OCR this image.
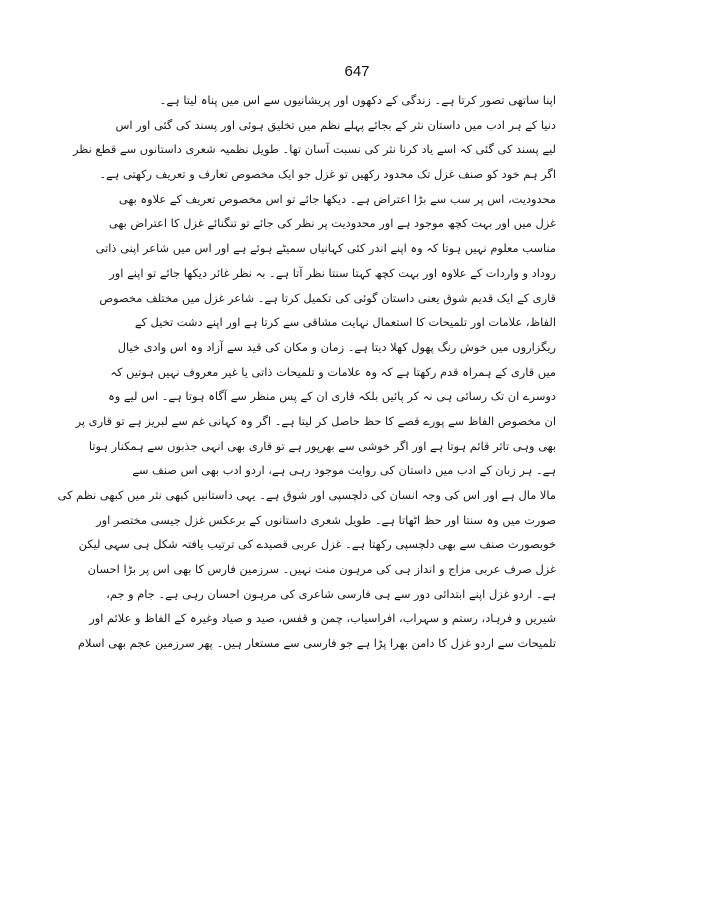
647
اپنا ساتھی تصور کرتا ہے۔ زندگی کے دکھوں اور پریشانیوں سے اس میں پناہ لیتا ہے۔
دنیا کے ہر ادب میں داستان نثر کے بجائے پہلے نظم میں تخلیق ہوئی اور پسند کی گئی اور اس
لیے پسند کی گئی کہ اسے یاد کرنا نثر کی نسبت آسان تھا۔ طویل نظمیہ شعری داستانوں سے قطع نظر
اگر ہم خود کو صنف غزل تک محدود رکھیں تو غزل جو ایک مخصوص تعارف و تعریف رکھتی ہے۔
محدودیت، اس پر سب سے بڑا اعتراض ہے۔ دیکھا جائے تو اس مخصوص تعریف کے علاوہ بھی
غزل میں اور بہت کچھ موجود ہے اور محدودیت پر نظر کی جائے تو تنگنائے غزل کا اعتراض بھی
مناسب معلوم نہیں ہوتا کہ وہ اپنے اندر کئی کہانیاں سمیٹے ہوئے ہے اور اس میں شاعر اپنی ذاتی
روداد و واردات کے علاوہ اور بہت کچھ کہتا سنتا نظر آتا ہے۔ بہ نظر غائر دیکھا جائے تو اپنے اور
قاری کے ایک قدیم شوق یعنی داستان گوئی کی تکمیل کرتا ہے۔ شاعر غزل میں مختلف مخصوص
الفاظ، علامات اور تلمیحات کا استعمال نہایت مشاقی سے کرتا ہے اور اپنے دشت تخیل کے
ریگزاروں میں خوش رنگ پھول کھلا دیتا ہے۔ زمان و مکان کی قید سے آزاد وہ اس وادی خیال
میں قاری کے ہمراہ قدم رکھتا ہے کہ وہ علامات و تلمیحات ذاتی یا غیر معروف نہیں ہوتیں کہ
دوسرے ان تک رسائی ہی نہ کر پائیں بلکہ قاری ان کے پس منظر سے آگاہ ہوتا ہے۔ اس لیے وہ
ان مخصوص الفاظ سے پورے قصے کا حظ حاصل کر لیتا ہے۔ اگر وہ کہانی غم سے لبریز ہے تو قاری پر
بھی وہی تاثر قائم ہوتا ہے اور اگر خوشی سے بھرپور ہے تو قاری بھی انہی جذبوں سے ہمکنار ہوتا
ہے۔ ہر زبان کے ادب میں داستان کی روایت موجود رہی ہے، اردو ادب بھی اس صنف سے
مالا مال ہے اور اس کی وجہ انسان کی دلچسپی اور شوق ہے۔ یہی داستانیں کبھی نثر میں کبھی نظم کی
صورت میں وہ سنتا اور حظ اٹھاتا ہے۔ طویل شعری داستانوں کے برعکس غزل جیسی مختصر اور
خوبصورت صنف سے بھی دلچسپی رکھتا ہے۔ غزل عربی قصیدے کی ترتیب یافتہ شکل ہی سہی لیکن
غزل صرف عربی مزاج و انداز ہی کی مرہون منت نہیں۔ سرزمین فارس کا بھی اس پر بڑا احسان
ہے۔ اردو غزل اپنے ابتدائی دور سے ہی فارسی شاعری کی مرہون احسان رہی ہے۔ جام و جم،
شیریں و فرہاد، رستم و سہراب، افراسیاب، چمن و قفس، صید و صیاد وغیرہ کے الفاظ و علائم اور
تلمیحات سے اردو غزل کا دامن بھرا پڑا ہے جو فارسی سے مستعار ہیں۔ پھر سرزمین عجم بھی اسلام
